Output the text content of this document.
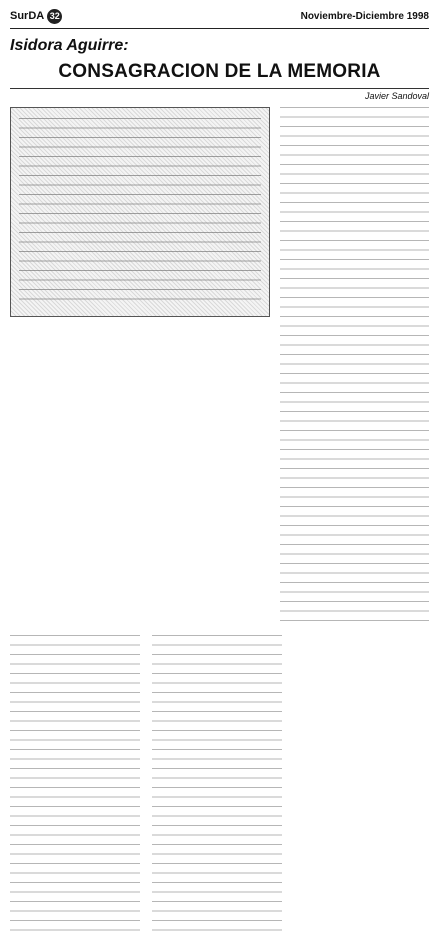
SurDA 32	Noviembre-Diciembre 1998
Isidora Aguirre:
CONSAGRACION DE LA MEMORIA
Javier Sandoval
